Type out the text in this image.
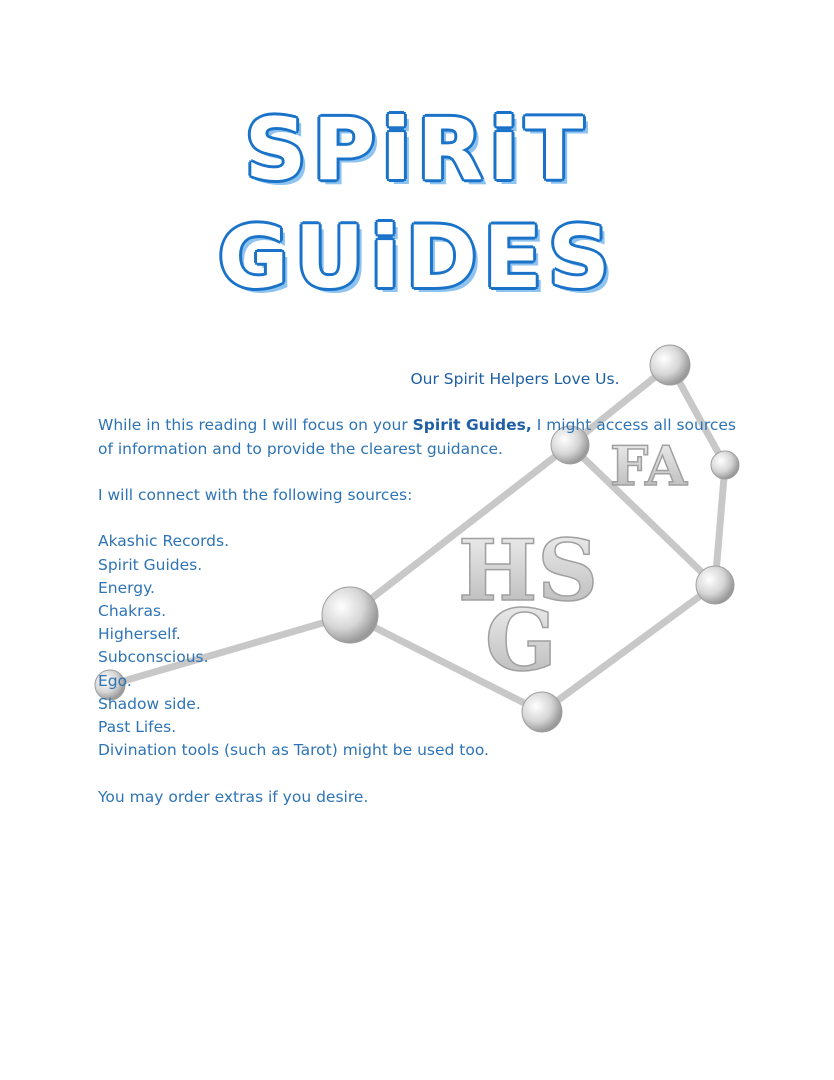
SPiRiT
GUiDES
FA
HS
G

Our Spirit Helpers Love Us.

While in this reading I will focus on your Spirit Guides, I might access all sources of information and to provide the clearest guidance.

I will connect with the following sources:

Akashic Records.
Spirit Guides.
Energy.
Chakras.
Higherself.
Subconscious.
Ego.
Shadow side.
Past Lifes.
Divination tools (such as Tarot) might be used too.

You may order extras if you desire.
